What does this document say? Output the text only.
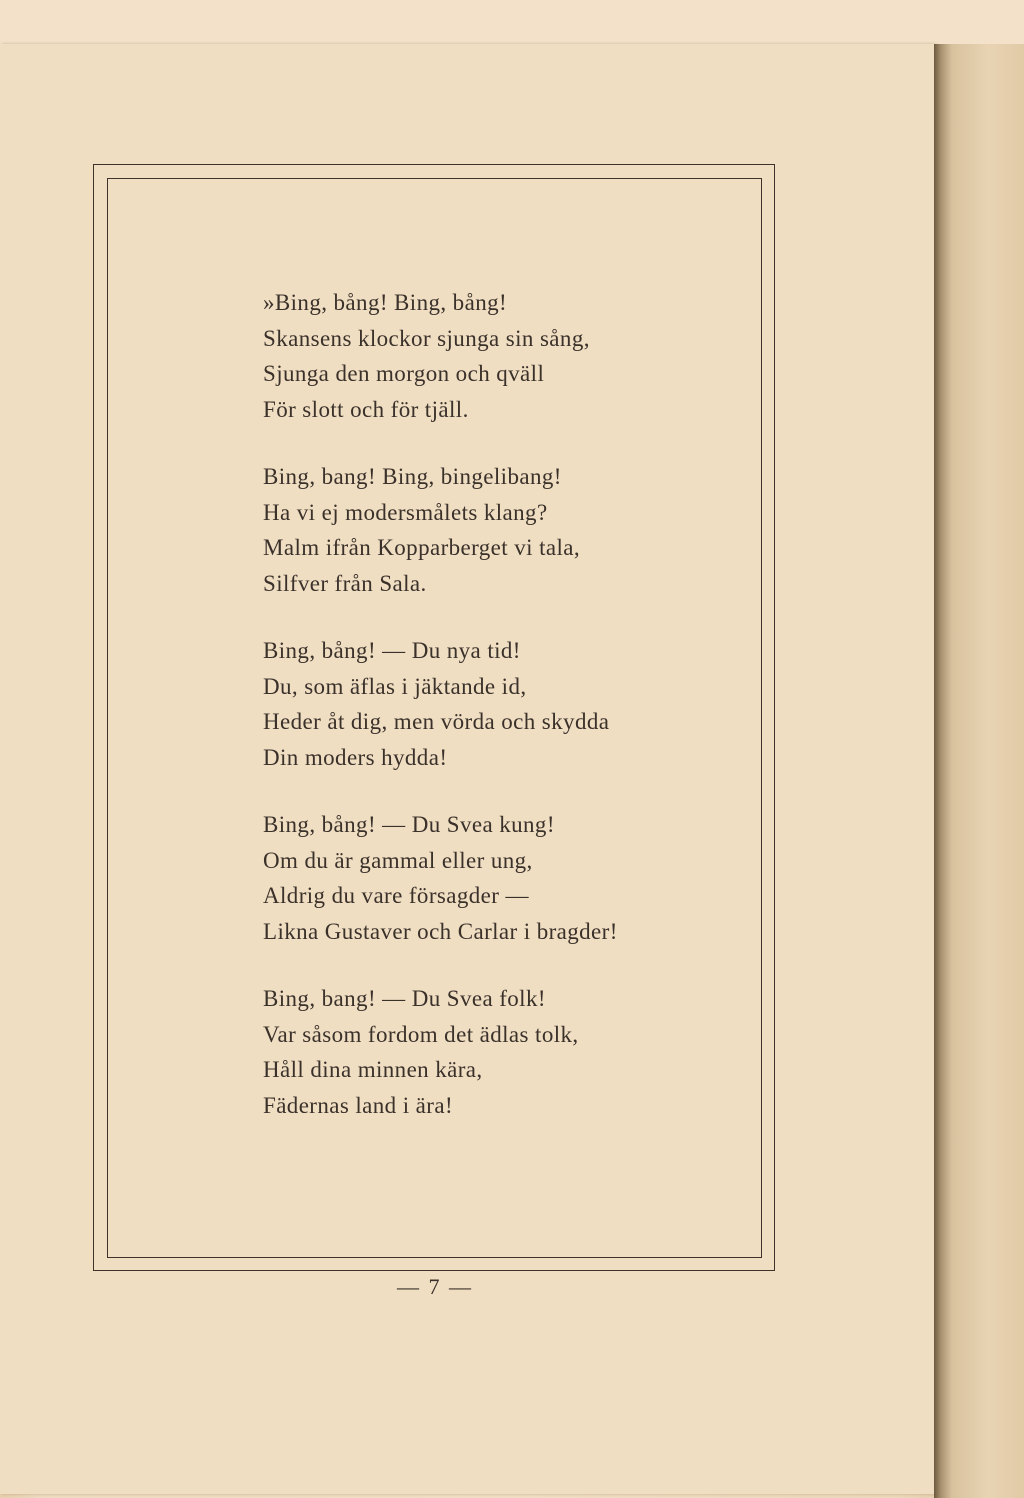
»Bing, bång! Bing, bång!
Skansens klockor sjunga sin sång,
Sjunga den morgon och qväll
För slott och för tjäll.
Bing, bang! Bing, bingelibang!
Ha vi ej modersmålets klang?
Malm ifrån Kopparberget vi tala,
Silfver från Sala.
Bing, bång! — Du nya tid!
Du, som äflas i jäktande id,
Heder åt dig, men vörda och skydda
Din moders hydda!
Bing, bång! — Du Svea kung!
Om du är gammal eller ung,
Aldrig du vare försagder —
Likna Gustaver och Carlar i bragder!
Bing, bang! — Du Svea folk!
Var såsom fordom det ädlas tolk,
Håll dina minnen kära,
Fädernas land i ära!
— 7 —
